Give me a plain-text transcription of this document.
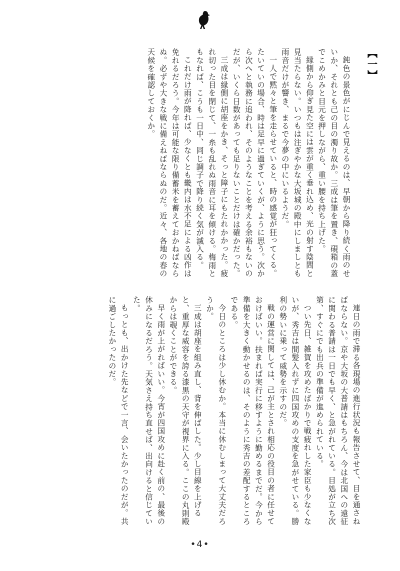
【一】
鈍色の景色がにじんで見えるのは、早朝から降り続く雨のせいか、それとも己の目の濁り故か。三成は筆を置き、硯箱の蓋でこめかみと目元を押しながら、重い腰を持ち上げた。
縁側から仰ぎ見た空には雲が重く垂れ込め、光の射す陰間と見当たらない。いつもは注ぎやかな大坂城の殿中にしましとも雨音だけが響き、まるで今夢の中にいるようだ。
一人で黙々と筆を走らせていると、時の感覚が狂ってくる。たいていの場合、時は足早に過ぎていくが、ように思う。次から次へと執務に追われ、そのようなことを考える余裕もないのだが、いくら日数があっても足りないことだけは確かだった。
三成は縁側に胡座をかき、そっと障子にもたれかかった。疲れ切った目を閉じて、一糸も乱れぬ雨音に耳を傾ける。梅雨ともなれば、こうも一日中、同じ調子で降り続く気が滅入る。
これだけ雨が降れば、少なくとも畿内は水不足による凶作は免れるだろう。今年は可能な限り備蓄米を蓄えておかねばならぬ。必ずや大きな戦に備えねばならぬのだ。近々、各地の春の天候を確認しておくか。
連日の雨で滞る各現場の進行状況も報告させて、目を通さねばならない。京や大坂の大普請はもちろん、今は北国への遠征に関わる普請は一日でも早く、と急がれている。目処が立ち次第、すぐにでも出兵の準備が進められている。
つい先日、雑賀を攻めたばかりで戦疲れした家臣も少なくないが、秀吉は間髪入れずに四国攻めの支度を急がせている。勝利の勢いに乗って威勢を示すのだ。
戦の運営に関しては、己が主とされ相応の役目の者に任せておけばいい。扶まれば実行に移すように勤めるまでだ。今から準備を大きく動かせるのは、そのように秀吉の差配するところである。
今日のところは少し休むか。本当に休むしまって大丈夫だろうか。
三成は胡座を組み直し、背を伸ばした。少し目線を上げると、重厚な威容を誇る漆黒の天守が視界に入る。ここの丸則殿からは覗くことができる。
早く雨が上がればいい。今宵が四国攻めに赴く前の、最後の休みになるだろう。天気さえ持ち直せば、出向けると信じていた。
もっとも、出かけた先などで一言、会いたかったのだが。共に過ごしたかったのだ。
•4•
